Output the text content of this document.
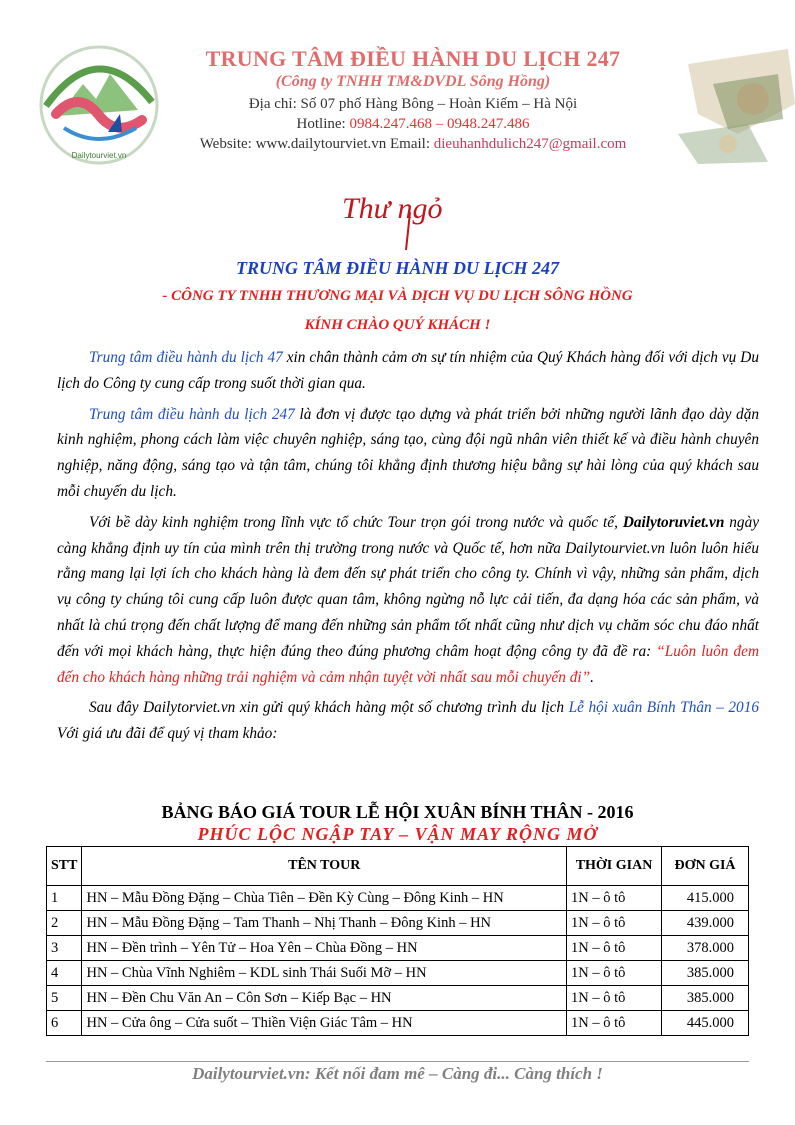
Dailytourviet.vn
TRUNG TÂM ĐIỀU HÀNH DU LỊCH 247
(Công ty TNHH TM&DVDL Sông Hồng)
Địa chỉ: Số 07 phố Hàng Bông – Hoàn Kiếm – Hà Nội
Hotline: 0984.247.468 – 0948.247.486
Website: www.dailytourviet.vn Email: dieuhanhdulich247@gmail.com
Thư ngỏ
TRUNG TÂM ĐIỀU HÀNH DU LỊCH 247
- CÔNG TY TNHH THƯƠNG MẠI VÀ DỊCH VỤ DU LỊCH SÔNG HỒNG
KÍNH CHÀO QUÝ KHÁCH !

Trung tâm điều hành du lịch 47 xin chân thành cảm ơn sự tín nhiệm của Quý Khách hàng đối với dịch vụ Du lịch do Công ty cung cấp trong suốt thời gian qua.

Trung tâm điều hành du lịch 247 là đơn vị được tạo dựng và phát triển bởi những người lãnh đạo dày dặn kinh nghiệm, phong cách làm việc chuyên nghiệp, sáng tạo, cùng đội ngũ nhân viên thiết kế và điều hành chuyên nghiệp, năng động, sáng tạo và tận tâm, chúng tôi khẳng định thương hiệu bằng sự hài lòng của quý khách sau mỗi chuyến du lịch.

Với bề dày kinh nghiệm trong lĩnh vực tổ chức Tour trọn gói trong nước và quốc tế, Dailytoruviet.vn ngày càng khẳng định uy tín của mình trên thị trường trong nước và Quốc tế, hơn nữa Dailytourviet.vn luôn luôn hiểu rằng mang lại lợi ích cho khách hàng là đem đến sự phát triển cho công ty. Chính vì vậy, những sản phẩm, dịch vụ công ty chúng tôi cung cấp luôn được quan tâm, không ngừng nỗ lực cải tiến, đa dạng hóa các sản phẩm, và nhất là chú trọng đến chất lượng để mang đến những sản phẩm tốt nhất cũng như dịch vụ chăm sóc chu đáo nhất đến với mọi khách hàng, thực hiện đúng theo đúng phương châm hoạt động công ty đã đề ra: “Luôn luôn đem đến cho khách hàng những trải nghiệm và cảm nhận tuyệt vời nhất sau mỗi chuyến đi”.

Sau đây Dailytorviet.vn xin gửi quý khách hàng một số chương trình du lịch Lễ hội xuân Bính Thân – 2016 Với giá ưu đãi để quý vị tham khảo:

BẢNG BÁO GIÁ TOUR LỄ HỘI XUÂN BÍNH THÂN - 2016
PHÚC LỘC NGẬP TAY – VẬN MAY RỘNG MỞ
STT	TÊN TOUR	THỜI GIAN	ĐƠN GIÁ
1	HN – Mẫu Đồng Đặng – Chùa Tiên – Đền Kỳ Cùng – Đông Kinh – HN	1N – ô tô	415.000
2	HN – Mẫu Đồng Đặng – Tam Thanh – Nhị Thanh – Đông Kinh – HN	1N – ô tô	439.000
3	HN – Đền trình – Yên Tử – Hoa Yên – Chùa Đồng – HN	1N – ô tô	378.000
4	HN – Chùa Vĩnh Nghiêm – KDL sinh Thái Suối Mỡ – HN	1N – ô tô	385.000
5	HN – Đền Chu Văn An – Côn Sơn – Kiếp Bạc – HN	1N – ô tô	385.000
6	HN – Cửa ông – Cửa suốt – Thiền Viện Giác Tâm – HN	1N – ô tô	445.000
Dailytourviet.vn: Kết nối đam mê – Càng đi... Càng thích !
